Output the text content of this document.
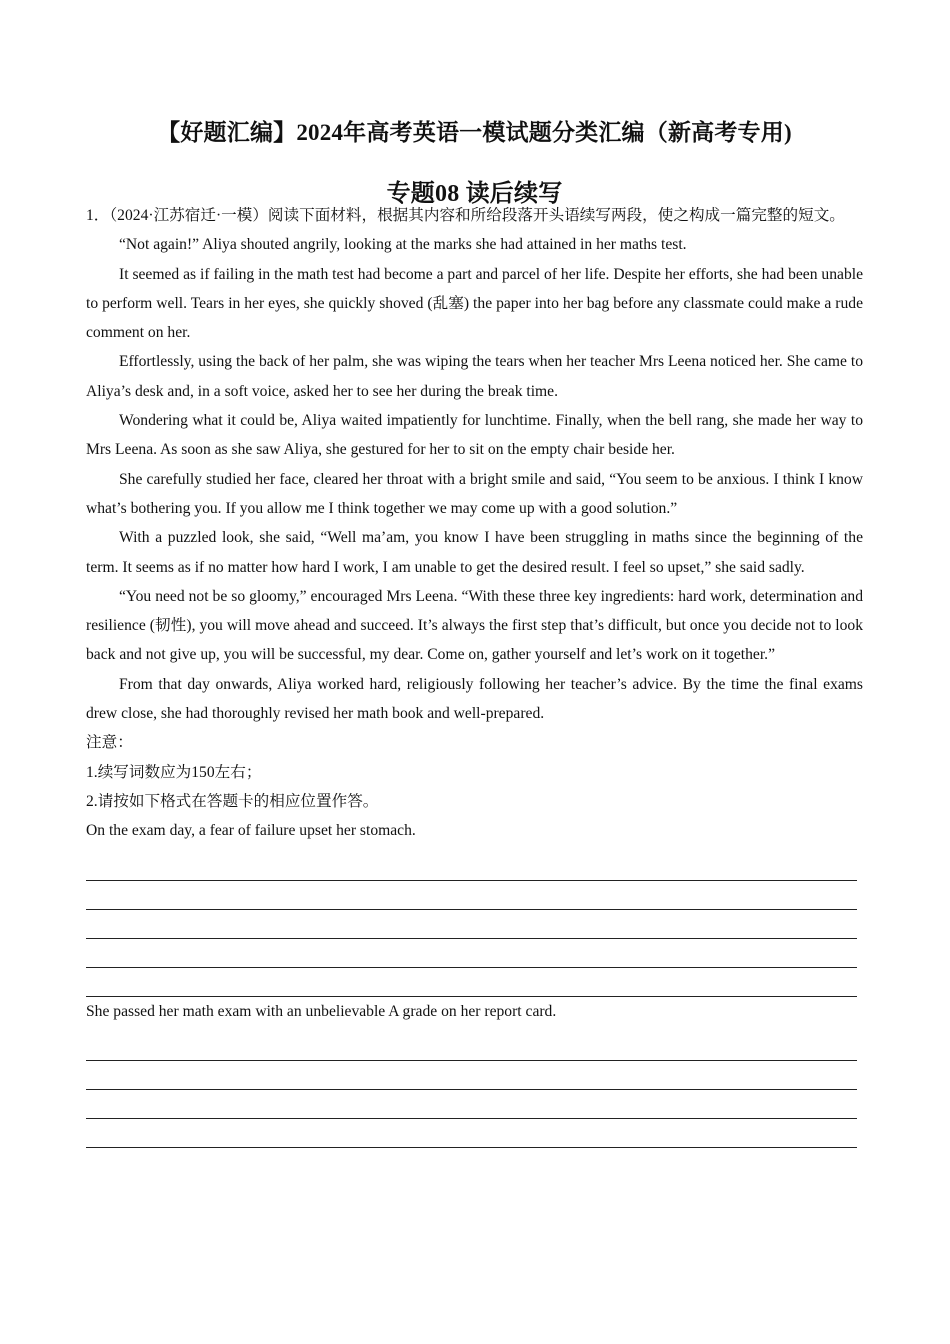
【好题汇编】2024年高考英语一模试题分类汇编（新高考专用)
专题08 读后续写

1．（2024·江苏宿迁·一模）阅读下面材料，根据其内容和所给段落开头语续写两段，使之构成一篇完整的短文。

“Not again!” Aliya shouted angrily, looking at the marks she had attained in her maths test.

It seemed as if failing in the math test had become a part and parcel of her life. Despite her efforts, she had been unable to perform well. Tears in her eyes, she quickly shoved (乱塞) the paper into her bag before any classmate could make a rude comment on her.

Effortlessly, using the back of her palm, she was wiping the tears when her teacher Mrs Leena noticed her. She came to Aliya’s desk and, in a soft voice, asked her to see her during the break time.

Wondering what it could be, Aliya waited impatiently for lunchtime. Finally, when the bell rang, she made her way to Mrs Leena. As soon as she saw Aliya, she gestured for her to sit on the empty chair beside her.

She carefully studied her face, cleared her throat with a bright smile and said, “You seem to be anxious. I think I know what’s bothering you. If you allow me I think together we may come up with a good solution.”

With a puzzled look, she said, “Well ma’am, you know I have been struggling in maths since the beginning of the term. It seems as if no matter how hard I work, I am unable to get the desired result. I feel so upset,” she said sadly.

“You need not be so gloomy,” encouraged Mrs Leena. “With these three key ingredients: hard work, determination and resilience (韧性), you will move ahead and succeed. It’s always the first step that’s difficult, but once you decide not to look back and not give up, you will be successful, my dear. Come on, gather yourself and let’s work on it together.”

From that day onwards, Aliya worked hard, religiously following her teacher’s advice. By the time the final exams drew close, she had thoroughly revised her math book and well-prepared.

注意：

1.续写词数应为150左右；

2.请按如下格式在答题卡的相应位置作答。

On the exam day, a fear of failure upset her stomach.

She passed her math exam with an unbelievable A grade on her report card.
